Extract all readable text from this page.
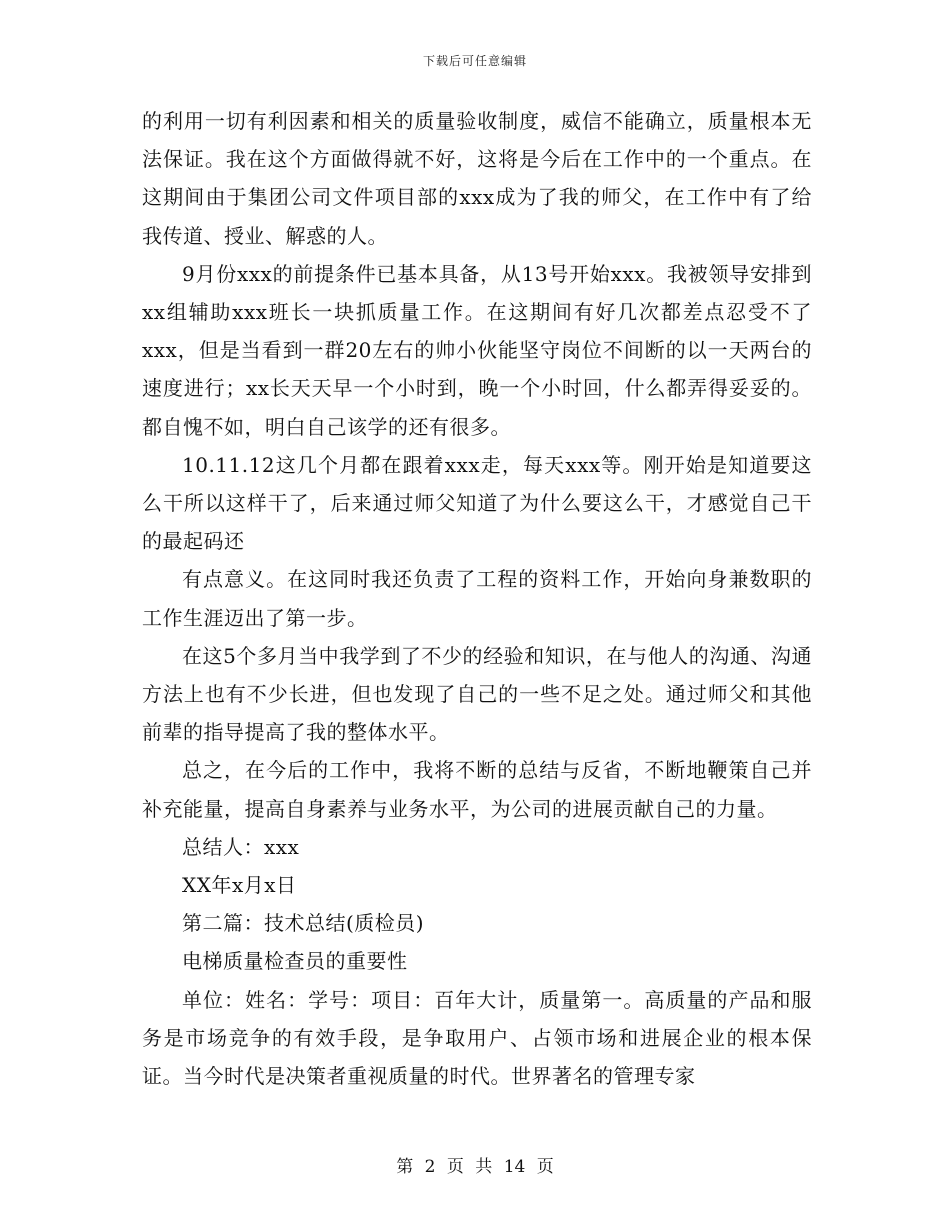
下载后可任意编辑

的利用一切有利因素和相关的质量验收制度，威信不能确立，质量根本无法保证。我在这个方面做得就不好，这将是今后在工作中的一个重点。在这期间由于集团公司文件项目部的xxx成为了我的师父，在工作中有了给我传道、授业、解惑的人。

9月份xxx的前提条件已基本具备，从13号开始xxx。我被领导安排到xx组辅助xxx班长一块抓质量工作。在这期间有好几次都差点忍受不了xxx，但是当看到一群20左右的帅小伙能坚守岗位不间断的以一天两台的速度进行；xx长天天早一个小时到，晚一个小时回，什么都弄得妥妥的。都自愧不如，明白自己该学的还有很多。

10.11.12这几个月都在跟着xxx走，每天xxx等。刚开始是知道要这么干所以这样干了，后来通过师父知道了为什么要这么干，才感觉自己干的最起码还

有点意义。在这同时我还负责了工程的资料工作，开始向身兼数职的工作生涯迈出了第一步。

在这5个多月当中我学到了不少的经验和知识，在与他人的沟通、沟通方法上也有不少长进，但也发现了自己的一些不足之处。通过师父和其他前辈的指导提高了我的整体水平。

总之，在今后的工作中，我将不断的总结与反省，不断地鞭策自己并补充能量，提高自身素养与业务水平，为公司的进展贡献自己的力量。

总结人：xxx

XX年x月x日

第二篇：技术总结(质检员)

电梯质量检查员的重要性

单位：姓名：学号：项目：百年大计，质量第一。高质量的产品和服务是市场竞争的有效手段，是争取用户、占领市场和进展企业的根本保证。当今时代是决策者重视质量的时代。世界著名的管理专家

第 2 页 共 14 页
